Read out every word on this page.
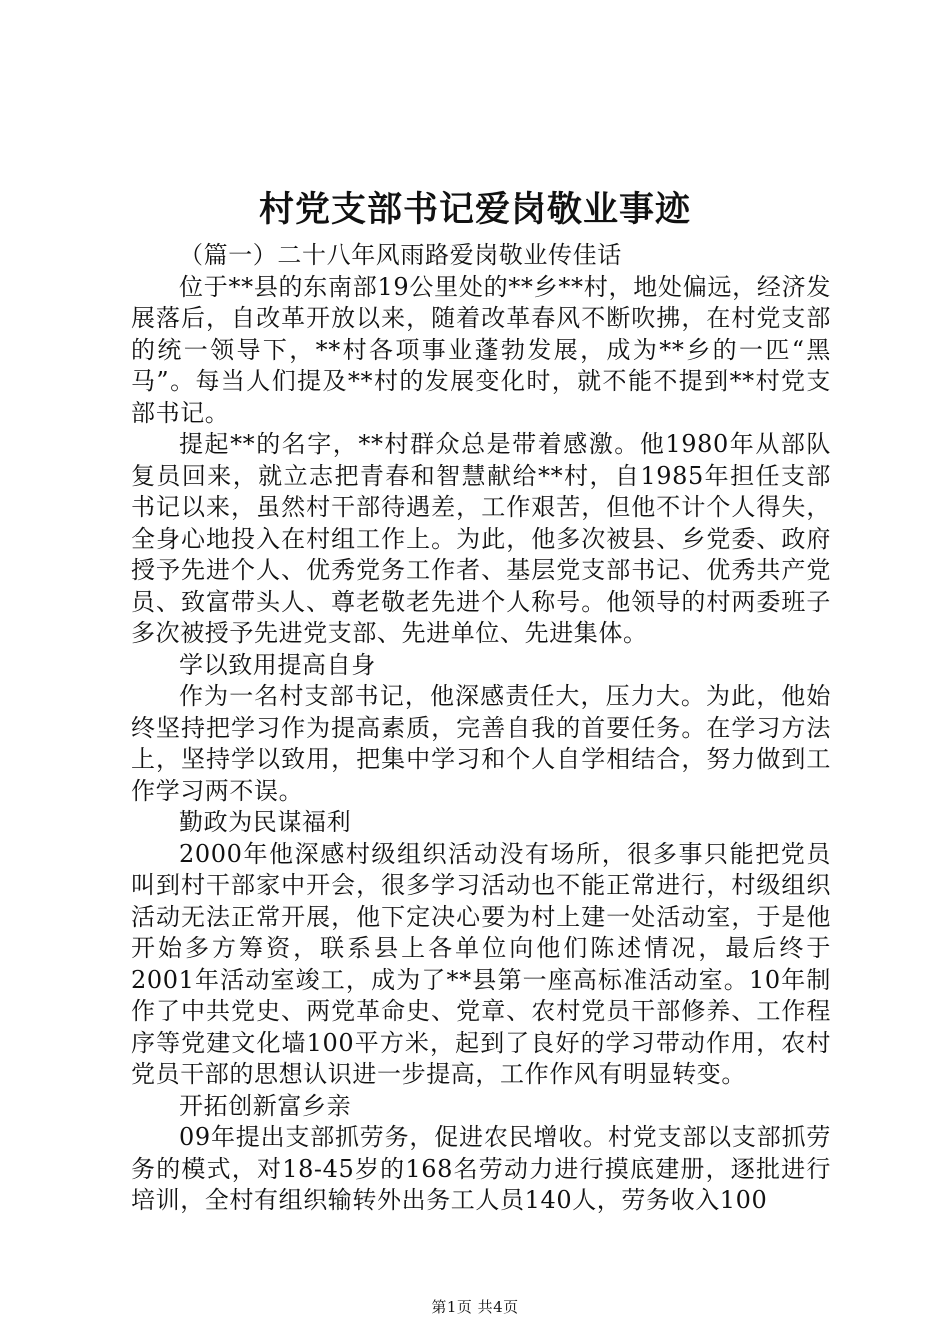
村党支部书记爱岗敬业事迹

（篇一）二十八年风雨路爱岗敬业传佳话

位于**县的东南部19公里处的**乡**村，地处偏远，经济发展落后，自改革开放以来，随着改革春风不断吹拂，在村党支部的统一领导下，**村各项事业蓬勃发展，成为**乡的一匹“黑马”。每当人们提及**村的发展变化时，就不能不提到**村党支部书记。

提起**的名字，**村群众总是带着感激。他1980年从部队复员回来，就立志把青春和智慧献给**村，自1985年担任支部书记以来，虽然村干部待遇差，工作艰苦，但他不计个人得失，全身心地投入在村组工作上。为此，他多次被县、乡党委、政府授予先进个人、优秀党务工作者、基层党支部书记、优秀共产党员、致富带头人、尊老敬老先进个人称号。他领导的村两委班子多次被授予先进党支部、先进单位、先进集体。

学以致用提高自身

作为一名村支部书记，他深感责任大，压力大。为此，他始终坚持把学习作为提高素质，完善自我的首要任务。在学习方法上，坚持学以致用，把集中学习和个人自学相结合，努力做到工作学习两不误。

勤政为民谋福利

2000年他深感村级组织活动没有场所，很多事只能把党员叫到村干部家中开会，很多学习活动也不能正常进行，村级组织活动无法正常开展，他下定决心要为村上建一处活动室，于是他开始多方筹资，联系县上各单位向他们陈述情况，最后终于2001年活动室竣工，成为了**县第一座高标准活动室。10年制作了中共党史、两党革命史、党章、农村党员干部修养、工作程序等党建文化墙100平方米，起到了良好的学习带动作用，农村党员干部的思想认识进一步提高，工作作风有明显转变。

开拓创新富乡亲

09年提出支部抓劳务，促进农民增收。村党支部以支部抓劳务的模式，对18-45岁的168名劳动力进行摸底建册，逐批进行培训，全村有组织输转外出务工人员140人，劳务收入100

第1页 共4页
